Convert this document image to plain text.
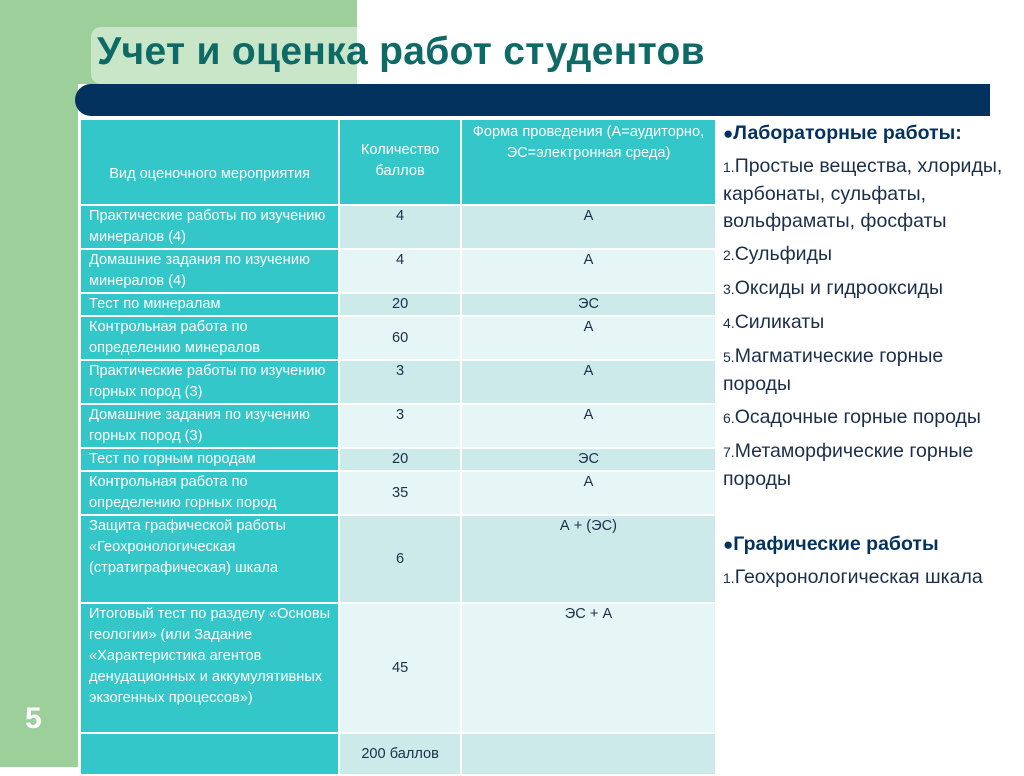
Учет и оценка работ студентов
Вид оценочного мероприятия	Количество баллов	Форма проведения (А=аудиторно, ЭС=электронная среда)
Практические работы по изучению минералов (4)	4	А
Домашние задания по изучению минералов (4)	4	А
Тест по минералам	20	ЭС
Контрольная работа по определению минералов	60	А
Практические работы по изучению горных пород (3)	3	А
Домашние задания по изучению горных пород (3)	3	А
Тест по горным породам	20	ЭС
Контрольная работа по определению горных пород	35	А
Защита графической работы «Геохронологическая (стратиграфическая) шкала	6	А + (ЭС)
Итоговый тест по разделу «Основы геологии» (или Задание «Характеристика агентов денудационных и аккумулятивных экзогенных процессов»)	45	ЭС + А
	200 баллов	
●Лабораторные работы:
1.Простые вещества, хлориды, карбонаты, сульфаты, вольфраматы, фосфаты
2.Сульфиды
3.Оксиды и гидрооксиды
4.Силикаты
5.Магматические горные породы
6.Осадочные горные породы
7.Метаморфические горные породы
●Графические работы
1.Геохронологическая шкала
5
